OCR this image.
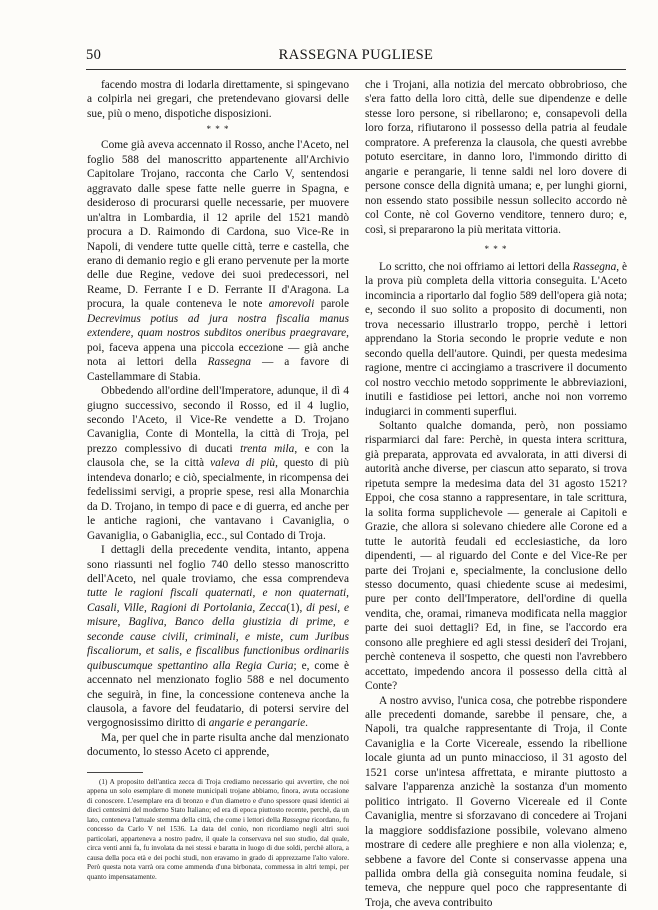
50	RASSEGNA PUGLIESE

facendo mostra di lodarla direttamente, si spingevano a colpirla nei gregari, che pretendevano giovarsi delle sue, più o meno, dispotiche disposizioni.

* * *

Come già aveva accennato il Rosso, anche l'Aceto, nel foglio 588 del manoscritto appartenente all'Archivio Capitolare Trojano, racconta che Carlo V, sentendosi aggravato dalle spese fatte nelle guerre in Spagna, e desideroso di procurarsi quelle necessarie, per muovere un'altra in Lombardia, il 12 aprile del 1521 mandò procura a D. Raimondo di Cardona, suo Vice-Re in Napoli, di vendere tutte quelle città, terre e castella, che erano di demanio regio e gli erano pervenute per la morte delle due Regine, vedove dei suoi predecessori, nel Reame, D. Ferrante I e D. Ferrante II d'Aragona. La procura, la quale conteneva le note amorevoli parole Decrevimus potius ad jura nostra fiscalia manus extendere, quam nostros subditos oneribus praegravare, poi, faceva appena una piccola eccezione — già anche nota ai lettori della Rassegna — a favore di Castellammare di Stabia.

Obbedendo all'ordine dell'Imperatore, adunque, il dì 4 giugno successivo, secondo il Rosso, ed il 4 luglio, secondo l'Aceto, il Vice-Re vendette a D. Trojano Cavaniglia, Conte di Montella, la città di Troja, pel prezzo complessivo di ducati trenta mila, e con la clausola che, se la città valeva di più, questo di più intendeva donarlo; e ciò, specialmente, in ricompensa dei fedelissimi servigi, a proprie spese, resi alla Monarchia da D. Trojano, in tempo di pace e di guerra, ed anche per le antiche ragioni, che vantavano i Cavaniglia, o Gavaniglia, o Gabaniglia, ecc., sul Contado di Troja.

I dettagli della precedente vendita, intanto, appena sono riassunti nel foglio 740 dello stesso manoscritto dell'Aceto, nel quale troviamo, che essa comprendeva tutte le ragioni fiscali quaternati, e non quaternati, Casali, Ville, Ragioni di Portolania, Zecca(1), di pesi, e misure, Baglivа, Banco della giustizia di prime, e seconde cause civili, criminali, e miste, cum Juribus fiscaliorum, et salis, e fiscalibus functionibus ordinariis quibuscumque spettantino alla Regia Curia; e, come è accennato nel menzionato foglio 588 e nel documento che seguirà, in fine, la concessione conteneva anche la clausola, a favore del feudatario, di potersi servire del vergognosissimo diritto di angarie e perangarie.

Ma, per quel che in parte risulta anche dal menzionato documento, lo stesso Aceto ci apprende,

(1) A proposito dell'antica zecca di Troja crediamo necessario qui avvertire, che noi appena un solo esemplare di monete municipali trojane abbiamo, finora, avuta occasione di conoscere. L'esemplare era di bronzo e d'un diametro e d'uno spessore quasi identici ai dieci centesimi del moderno Stato Italiano; ed era di epoca piuttosto recente, perchè, da un lato, conteneva l'attuale stemma della città, che come i lettori della Rassegna ricordano, fu concesso da Carlo V nel 1536. La data del conio, non ricordiamo negli altri suoi particolari, apparteneva a nostro padre, il quale la conservava nel suo studio, dal quale, circa venti anni fa, fu involata da nei stessi e baratta in luogo di due soldi, perchè allora, a causa della poca età e dei pochi studi, non eravamo in grado di apprezzarne l'alto valore. Però questa nota varrà ora come ammenda d'una birbonata, commessa in altri tempi, per quanto impensatamente.

che i Trojani, alla notizia del mercato obbrobrioso, che s'era fatto della loro città, delle sue dipendenze e delle stesse loro persone, si ribellarono; e, consapevoli della loro forza, rifiutarono il possesso della patria al feudale compratore. A preferenza la clausola, che questi avrebbe potuto esercitare, in danno loro, l'immondo diritto di angarie e perangarie, li tenne saldi nel loro dovere di persone consce della dignità umana; e, per lunghi giorni, non essendo stato possibile nessun sollecito accordo nè col Conte, nè col Governo venditore, tennero duro; e, così, si prepararono la più meritata vittoria.

* * *

Lo scritto, che noi offriamo ai lettori della Rassegna, è la prova più completa della vittoria conseguita. L'Aceto incomincia a riportarlo dal foglio 589 dell'opera già nota; e, secondo il suo solito a proposito di documenti, non trova necessario illustrarlo troppo, perchè i lettori apprendano la Storia secondo le proprie vedute e non secondo quella dell'autore. Quindi, per questa medesima ragione, mentre ci accingiamo a trascrivere il documento col nostro vecchio metodo sopprimente le abbreviazioni, inutili e fastidiose pei lettori, anche noi non vorremo indugiarci in commenti superflui.

Soltanto qualche domanda, però, non possiamo risparmiarci dal fare: Perchè, in questa intera scrittura, già preparata, approvata ed avvalorata, in atti diversi di autorità anche diverse, per ciascun atto separato, si trova ripetuta sempre la medesima data del 31 agosto 1521? Eppoi, che cosa stanno a rappresentare, in tale scrittura, la solita forma supplichevole — generale ai Capitoli e Grazie, che allora si solevano chiedere alle Corone ed a tutte le autorità feudali ed ecclesiastiche, da loro dipendenti, — al riguardo del Conte e del Vice-Re per parte dei Trojani e, specialmente, la conclusione dello stesso documento, quasi chiedente scuse ai medesimi, pure per conto dell'Imperatore, dell'ordine di quella vendita, che, oramai, rimaneva modificata nella maggior parte dei suoi dettagli? Ed, in fine, se l'accordo era consono alle preghiere ed agli stessi desiderî dei Trojani, perchè conteneva il sospetto, che questi non l'avrebbero accettato, impedendo ancora il possesso della città al Conte?

A nostro avviso, l'unica cosa, che potrebbe rispondere alle precedenti domande, sarebbe il pensare, che, a Napoli, tra qualche rappresentante di Troja, il Conte Cavaniglia e la Corte Vicereale, essendo la ribellione locale giunta ad un punto minaccioso, il 31 agosto del 1521 corse un'intesa affrettata, e mirante piuttosto a salvare l'apparenza anzichè la sostanza d'un momento politico intrigato. Il Governo Vicereale ed il Conte Cavaniglia, mentre si sforzavano di concedere ai Trojani la maggiore soddisfazione possibile, volevano almeno mostrare di cedere alle preghiere e non alla violenza; e, sebbene a favore del Conte si conservasse appena una pallida ombra della già conseguita nomina feudale, si temeva, che neppure quel poco che rappresentante di Troja, che aveva contribuito
